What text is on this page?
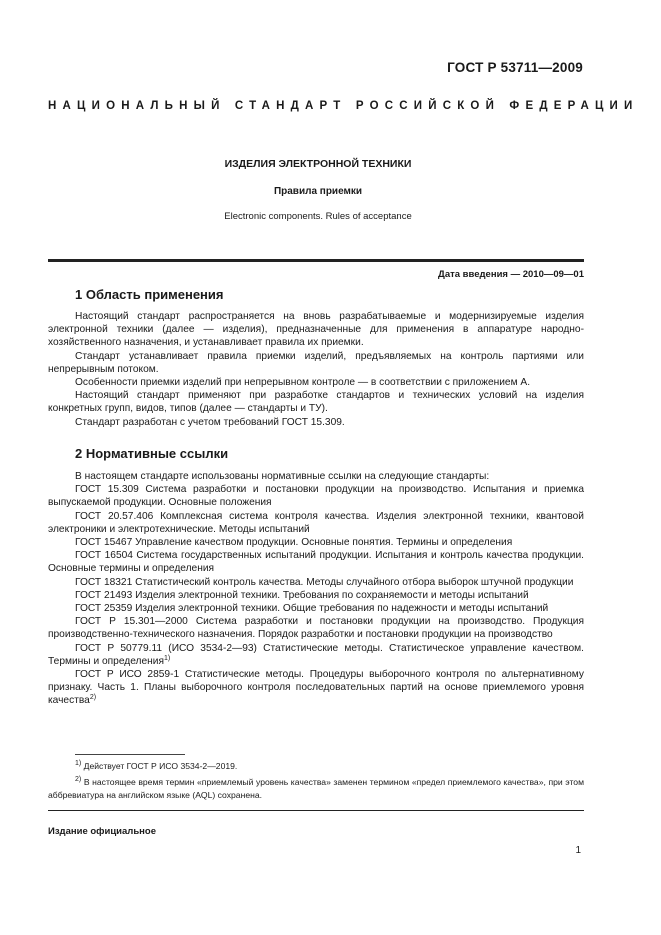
ГОСТ Р 53711—2009
НАЦИОНАЛЬНЫЙ СТАНДАРТ РОССИЙСКОЙ ФЕДЕРАЦИИ
ИЗДЕЛИЯ ЭЛЕКТРОННОЙ ТЕХНИКИ
Правила приемки
Electronic components. Rules of acceptance
Дата введения — 2010—09—01
1 Область применения

Настоящий стандарт распространяется на вновь разрабатываемые и модернизируемые изделия электронной техники (далее — изделия), предназначенные для применения в аппаратуре народно-хозяйственного назначения, и устанавливает правила их приемки.

Стандарт устанавливает правила приемки изделий, предъявляемых на контроль партиями или непрерывным потоком.

Особенности приемки изделий при непрерывном контроле — в соответствии с приложением А.

Настоящий стандарт применяют при разработке стандартов и технических условий на изделия конкретных групп, видов, типов (далее — стандарты и ТУ).

Стандарт разработан с учетом требований ГОСТ 15.309.

2 Нормативные ссылки

В настоящем стандарте использованы нормативные ссылки на следующие стандарты:

ГОСТ 15.309 Система разработки и постановки продукции на производство. Испытания и приемка выпускаемой продукции. Основные положения

ГОСТ 20.57.406 Комплексная система контроля качества. Изделия электронной техники, квантовой электроники и электротехнические. Методы испытаний

ГОСТ 15467 Управление качеством продукции. Основные понятия. Термины и определения

ГОСТ 16504 Система государственных испытаний продукции. Испытания и контроль качества продукции. Основные термины и определения

ГОСТ 18321 Статистический контроль качества. Методы случайного отбора выборок штучной продукции

ГОСТ 21493 Изделия электронной техники. Требования по сохраняемости и методы испытаний

ГОСТ 25359 Изделия электронной техники. Общие требования по надежности и методы испытаний

ГОСТ Р 15.301—2000 Система разработки и постановки продукции на производство. Продукция производственно-технического назначения. Порядок разработки и постановки продукции на производство

ГОСТ Р 50779.11 (ИСО 3534-2—93) Статистические методы. Статистическое управление качеством. Термины и определения$^{1)}$

ГОСТ Р ИСО 2859-1 Статистические методы. Процедуры выборочного контроля по альтернативному признаку. Часть 1. Планы выборочного контроля последовательных партий на основе приемлемого уровня качества$^{2)}$

$^{1)}$ Действует ГОСТ Р ИСО 3534-2—2019.

$^{2)}$ В настоящее время термин «приемлемый уровень качества» заменен термином «предел приемлемого качества», при этом аббревиатура на английском языке (AQL) сохранена.

Издание официальное
1
